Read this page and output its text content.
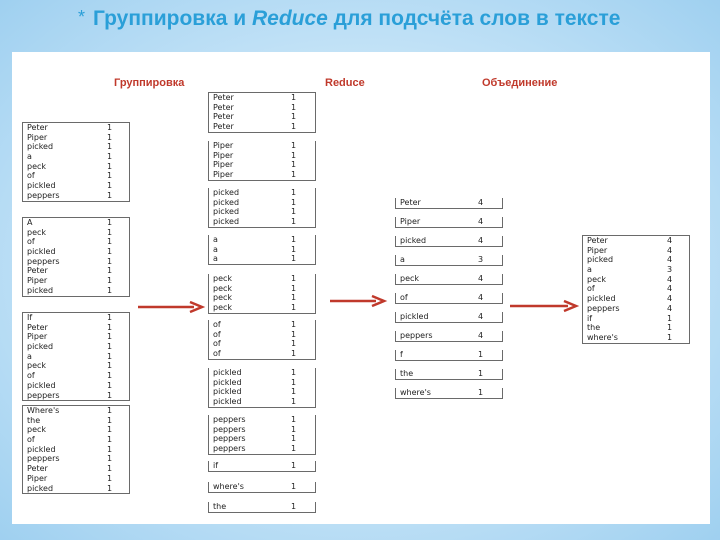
* Группировка и Reduce для подсчёта слов в тексте
Группировка	Reduce	Объединение
Peter	1
Piper	1
picked	1
a	1
peck	1
of	1
pickled	1
peppers	1
A	1
peck	1
of	1
pickled	1
peppers	1
Peter	1
Piper	1
picked	1
If	1
Peter	1
Piper	1
picked	1
a	1
peck	1
of	1
pickled	1
peppers	1
Where's	1
the	1
peck	1
of	1
pickled	1
peppers	1
Peter	1
Piper	1
picked	1
Peter	1
Peter	1
Peter	1
Peter	1
Piper	1
Piper	1
Piper	1
Piper	1
picked	1
picked	1
picked	1
picked	1
a	1
a	1
a	1
peck	1
peck	1
peck	1
peck	1
of	1
of	1
of	1
of	1
pickled	1
pickled	1
pickled	1
pickled	1
peppers	1
peppers	1
peppers	1
peppers	1
if	1
where's	1
the	1
Peter	4
Piper	4
picked	4
a	3
peck	4
of	4
pickled	4
peppers	4
f	1
the	1
where's	1
Peter	4
Piper	4
picked	4
a	3
peck	4
of	4
pickled	4
peppers	4
if	1
the	1
where's	1
